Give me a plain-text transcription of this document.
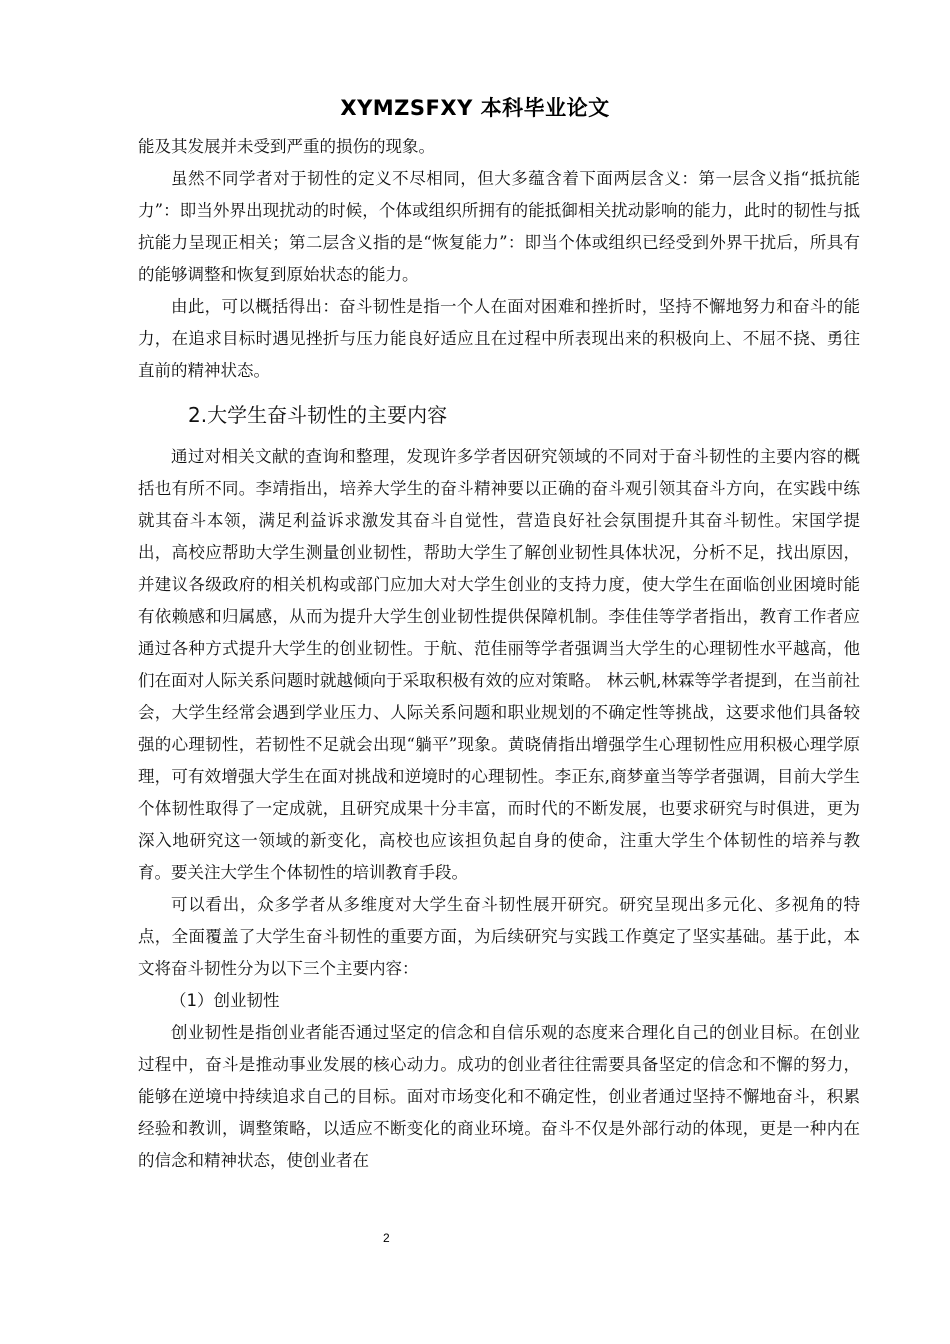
XYMZSFXY 本科毕业论文

能及其发展并未受到严重的损伤的现象。

虽然不同学者对于韧性的定义不尽相同，但大多蕴含着下面两层含义：第一层含义指“抵抗能力”：即当外界出现扰动的时候，个体或组织所拥有的能抵御相关扰动影响的能力，此时的韧性与抵抗能力呈现正相关；第二层含义指的是“恢复能力”：即当个体或组织已经受到外界干扰后，所具有的能够调整和恢复到原始状态的能力。

由此，可以概括得出：奋斗韧性是指一个人在面对困难和挫折时，坚持不懈地努力和奋斗的能力，在追求目标时遇见挫折与压力能良好适应且在过程中所表现出来的积极向上、不屈不挠、勇往直前的精神状态。

2.大学生奋斗韧性的主要内容

通过对相关文献的查询和整理，发现许多学者因研究领域的不同对于奋斗韧性的主要内容的概括也有所不同。李靖指出，培养大学生的奋斗精神要以正确的奋斗观引领其奋斗方向，在实践中练就其奋斗本领，满足利益诉求激发其奋斗自觉性，营造良好社会氛围提升其奋斗韧性。宋国学提出，高校应帮助大学生测量创业韧性，帮助大学生了解创业韧性具体状况，分析不足，找出原因，并建议各级政府的相关机构或部门应加大对大学生创业的支持力度，使大学生在面临创业困境时能有依赖感和归属感，从而为提升大学生创业韧性提供保障机制。李佳佳等学者指出，教育工作者应通过各种方式提升大学生的创业韧性。于航、范佳丽等学者强调当大学生的心理韧性水平越高，他们在面对人际关系问题时就越倾向于采取积极有效的应对策略。 林云帆,林霖等学者提到，在当前社会，大学生经常会遇到学业压力、人际关系问题和职业规划的不确定性等挑战，这要求他们具备较强的心理韧性，若韧性不足就会出现“躺平”现象。黄晓倩指出增强学生心理韧性应用积极心理学原理，可有效增强大学生在面对挑战和逆境时的心理韧性。李正东,商梦童当等学者强调，目前大学生个体韧性取得了一定成就，且研究成果十分丰富，而时代的不断发展，也要求研究与时俱进，更为深入地研究这一领域的新变化，高校也应该担负起自身的使命，注重大学生个体韧性的培养与教育。要关注大学生个体韧性的培训教育手段。

可以看出，众多学者从多维度对大学生奋斗韧性展开研究。研究呈现出多元化、多视角的特点，全面覆盖了大学生奋斗韧性的重要方面，为后续研究与实践工作奠定了坚实基础。基于此，本文将奋斗韧性分为以下三个主要内容：

（1）创业韧性

创业韧性是指创业者能否通过坚定的信念和自信乐观的态度来合理化自己的创业目标。在创业过程中，奋斗是推动事业发展的核心动力。成功的创业者往往需要具备坚定的信念和不懈的努力，能够在逆境中持续追求自己的目标。面对市场变化和不确定性，创业者通过坚持不懈地奋斗，积累经验和教训，调整策略，以适应不断变化的商业环境。奋斗不仅是外部行动的体现，更是一种内在的信念和精神状态，使创业者在

2
